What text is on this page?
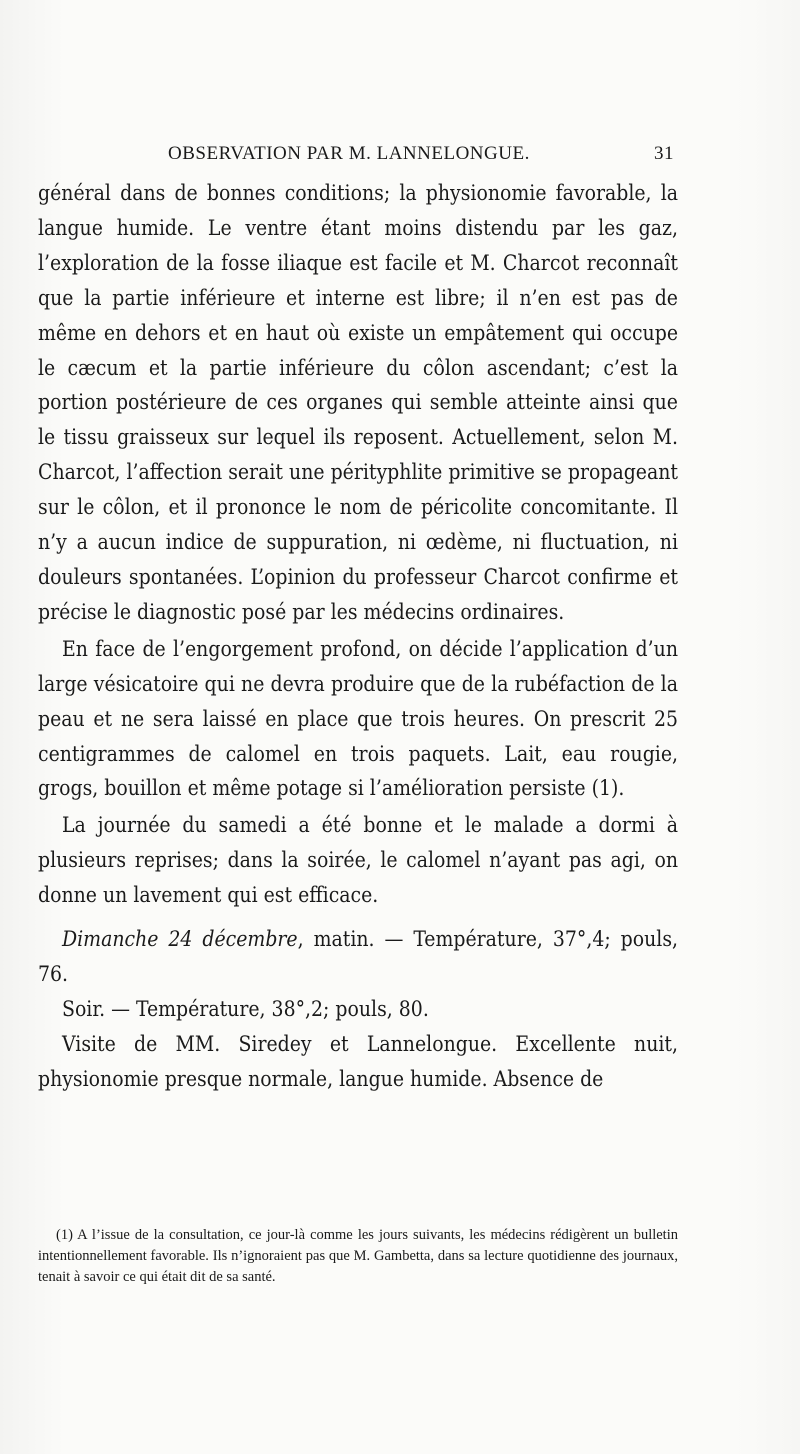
OBSERVATION PAR M. LANNELONGUE.	31

général dans de bonnes conditions; la physionomie favorable, la langue humide. Le ventre étant moins distendu par les gaz, l’exploration de la fosse iliaque est facile et M. Charcot reconnaît que la partie inférieure et interne est libre; il n’en est pas de même en dehors et en haut où existe un empâtement qui occupe le cæcum et la partie inférieure du côlon ascendant; c’est la portion postérieure de ces organes qui semble atteinte ainsi que le tissu graisseux sur lequel ils reposent. Actuellement, selon M. Charcot, l’affection serait une pérityphlite primitive se propageant sur le côlon, et il prononce le nom de péricolite concomitante. Il n’y a aucun indice de suppuration, ni œdème, ni fluctuation, ni douleurs spontanées. L’opinion du professeur Charcot confirme et précise le diagnostic posé par les médecins ordinaires.

En face de l’engorgement profond, on décide l’application d’un large vésicatoire qui ne devra produire que de la rubéfaction de la peau et ne sera laissé en place que trois heures. On prescrit 25 centigrammes de calomel en trois paquets. Lait, eau rougie, grogs, bouillon et même potage si l’amélioration persiste (1).

La journée du samedi a été bonne et le malade a dormi à plusieurs reprises; dans la soirée, le calomel n’ayant pas agi, on donne un lavement qui est efficace.

Dimanche 24 décembre, matin. — Température, 37°,4; pouls, 76.

Soir. — Température, 38°,2; pouls, 80.

Visite de MM. Siredey et Lannelongue. Excellente nuit, physionomie presque normale, langue humide. Absence de

(1) A l’issue de la consultation, ce jour-là comme les jours suivants, les médecins rédigèrent un bulletin intentionnellement favorable. Ils n’ignoraient pas que M. Gambetta, dans sa lecture quotidienne des journaux, tenait à savoir ce qui était dit de sa santé.
